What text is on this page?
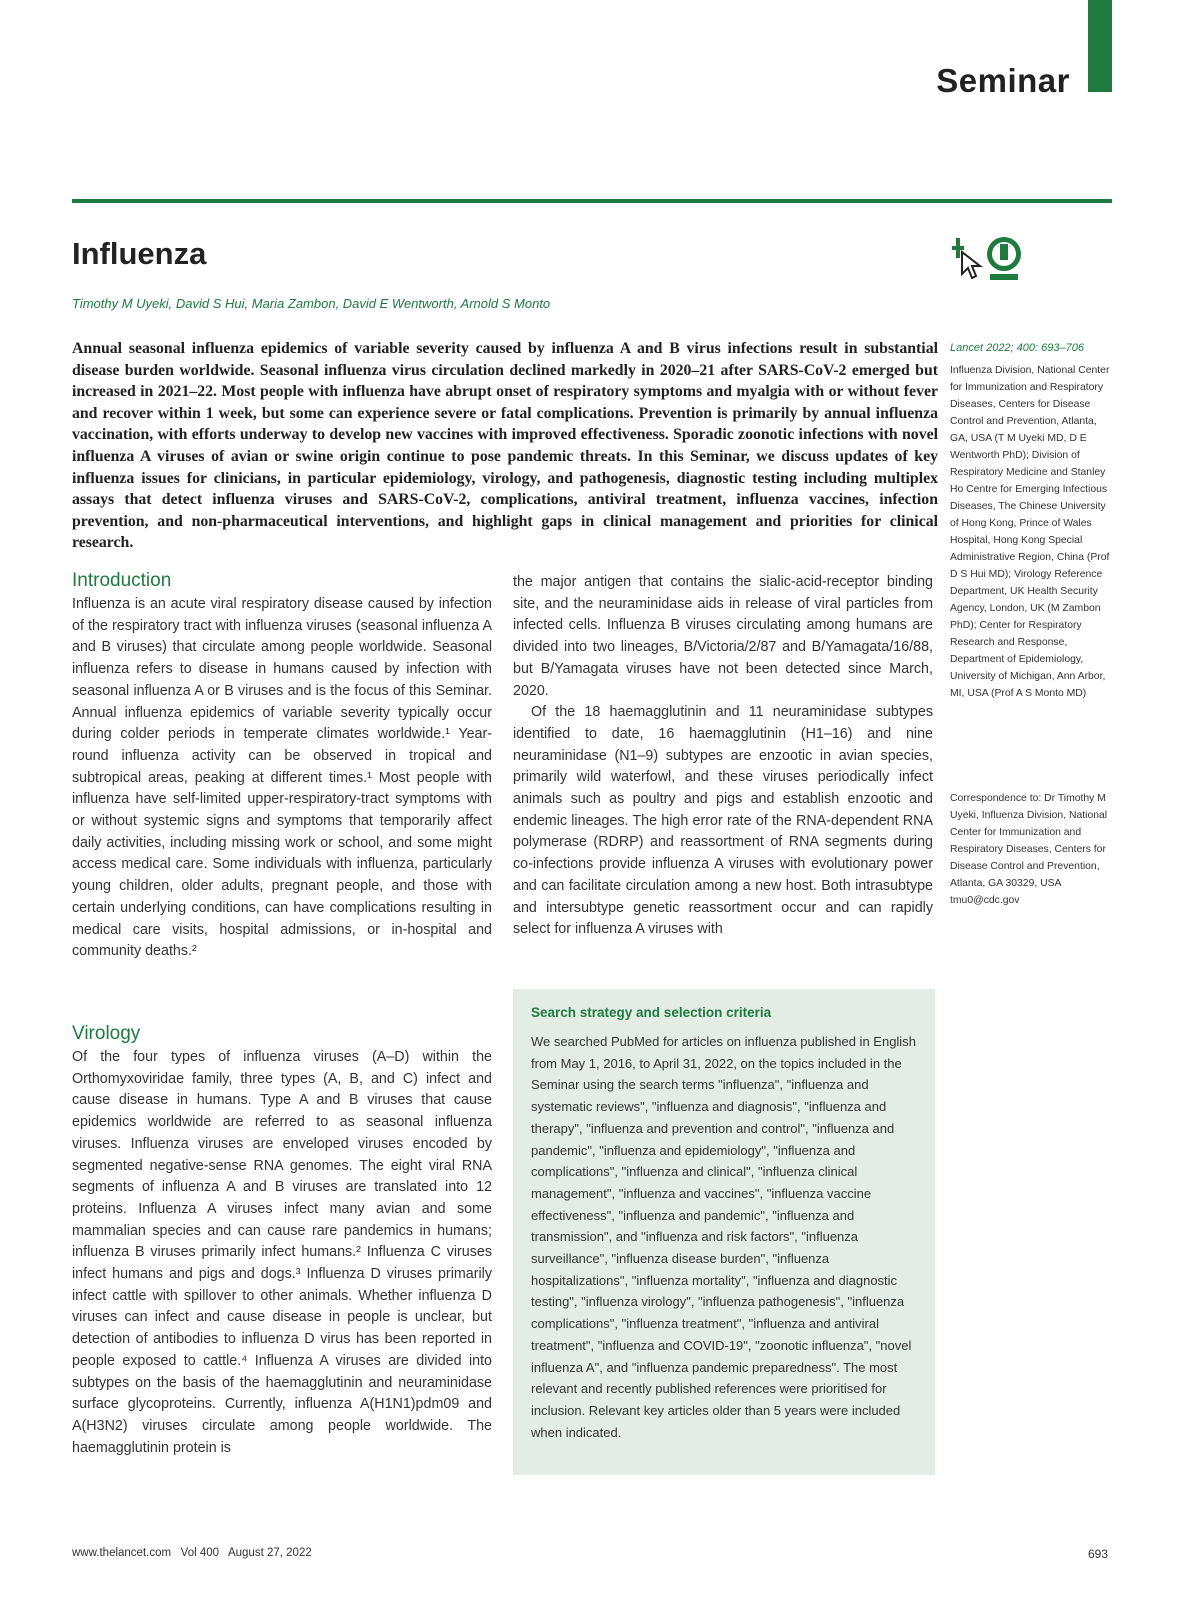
Seminar
Influenza
Timothy M Uyeki, David S Hui, Maria Zambon, David E Wentworth, Arnold S Monto

Annual seasonal influenza epidemics of variable severity caused by influenza A and B virus infections result in substantial disease burden worldwide. Seasonal influenza virus circulation declined markedly in 2020–21 after SARS-CoV-2 emerged but increased in 2021–22. Most people with influenza have abrupt onset of respiratory symptoms and myalgia with or without fever and recover within 1 week, but some can experience severe or fatal complications. Prevention is primarily by annual influenza vaccination, with efforts underway to develop new vaccines with improved effectiveness. Sporadic zoonotic infections with novel influenza A viruses of avian or swine origin continue to pose pandemic threats. In this Seminar, we discuss updates of key influenza issues for clinicians, in particular epidemiology, virology, and pathogenesis, diagnostic testing including multiplex assays that detect influenza viruses and SARS-CoV-2, complications, antiviral treatment, influenza vaccines, infection prevention, and non-pharmaceutical interventions, and highlight gaps in clinical management and priorities for clinical research.

Lancet 2022; 400: 693–706
Influenza Division, National Center for Immunization and Respiratory Diseases, Centers for Disease Control and Prevention, Atlanta, GA, USA (T M Uyeki MD, D E Wentworth PhD); Division of Respiratory Medicine and Stanley Ho Centre for Emerging Infectious Diseases, The Chinese University of Hong Kong, Prince of Wales Hospital, Hong Kong Special Administrative Region, China (Prof D S Hui MD); Virology Reference Department, UK Health Security Agency, London, UK (M Zambon PhD); Center for Respiratory Research and Response, Department of Epidemiology, University of Michigan, Ann Arbor, MI, USA (Prof A S Monto MD)
Correspondence to: Dr Timothy M Uyeki, Influenza Division, National Center for Immunization and Respiratory Diseases, Centers for Disease Control and Prevention, Atlanta, GA 30329, USA tmu0@cdc.gov
Introduction

Influenza is an acute viral respiratory disease caused by infection of the respiratory tract with influenza viruses (seasonal influenza A and B viruses) that circulate among people worldwide. Seasonal influenza refers to disease in humans caused by infection with seasonal influenza A or B viruses and is the focus of this Seminar. Annual influenza epidemics of variable severity typically occur during colder periods in temperate climates worldwide.¹ Year-round influenza activity can be observed in tropical and subtropical areas, peaking at different times.¹ Most people with influenza have self-limited upper-respiratory-tract symptoms with or without systemic signs and symptoms that temporarily affect daily activities, including missing work or school, and some might access medical care. Some individuals with influenza, particularly young children, older adults, pregnant people, and those with certain underlying conditions, can have complications resulting in medical care visits, hospital admissions, or in-hospital and community deaths.²

Virology

Of the four types of influenza viruses (A–D) within the Orthomyxoviridae family, three types (A, B, and C) infect and cause disease in humans. Type A and B viruses that cause epidemics worldwide are referred to as seasonal influenza viruses. Influenza viruses are enveloped viruses encoded by segmented negative-sense RNA genomes. The eight viral RNA segments of influenza A and B viruses are translated into 12 proteins. Influenza A viruses infect many avian and some mammalian species and can cause rare pandemics in humans; influenza B viruses primarily infect humans.² Influenza C viruses infect humans and pigs and dogs.³ Influenza D viruses primarily infect cattle with spillover to other animals. Whether influenza D viruses can infect and cause disease in people is unclear, but detection of antibodies to influenza D virus has been reported in people exposed to cattle.⁴ Influenza A viruses are divided into subtypes on the basis of the haemagglutinin and neuraminidase surface glycoproteins. Currently, influenza A(H1N1)pdm09 and A(H3N2) viruses circulate among people worldwide. The haemagglutinin protein is

the major antigen that contains the sialic-acid-receptor binding site, and the neuraminidase aids in release of viral particles from infected cells. Influenza B viruses circulating among humans are divided into two lineages, B/Victoria/2/87 and B/Yamagata/16/88, but B/Yamagata viruses have not been detected since March, 2020.

Of the 18 haemagglutinin and 11 neuraminidase subtypes identified to date, 16 haemagglutinin (H1–16) and nine neuraminidase (N1–9) subtypes are enzootic in avian species, primarily wild waterfowl, and these viruses periodically infect animals such as poultry and pigs and establish enzootic and endemic lineages. The high error rate of the RNA-dependent RNA polymerase (RDRP) and reassortment of RNA segments during co-infections provide influenza A viruses with evolutionary power and can facilitate circulation among a new host. Both intrasubtype and intersubtype genetic reassortment occur and can rapidly select for influenza A viruses with

Search strategy and selection criteria

We searched PubMed for articles on influenza published in English from May 1, 2016, to April 31, 2022, on the topics included in the Seminar using the search terms "influenza", "influenza and systematic reviews", "influenza and diagnosis", "influenza and therapy", "influenza and prevention and control", "influenza and pandemic", "influenza and epidemiology", "influenza and complications", "influenza and clinical", "influenza clinical management", "influenza and vaccines", "influenza vaccine effectiveness", "influenza and pandemic", "influenza and transmission", and "influenza and risk factors", "influenza surveillance", "influenza disease burden", "influenza hospitalizations", "influenza mortality", "influenza and diagnostic testing", "influenza virology", "influenza pathogenesis", "influenza complications", "influenza treatment", "influenza and antiviral treatment", "influenza and COVID-19", "zoonotic influenza", "novel influenza A", and "influenza pandemic preparedness". The most relevant and recently published references were prioritised for inclusion. Relevant key articles older than 5 years were included when indicated.

www.thelancet.com   Vol 400   August 27, 2022	693
